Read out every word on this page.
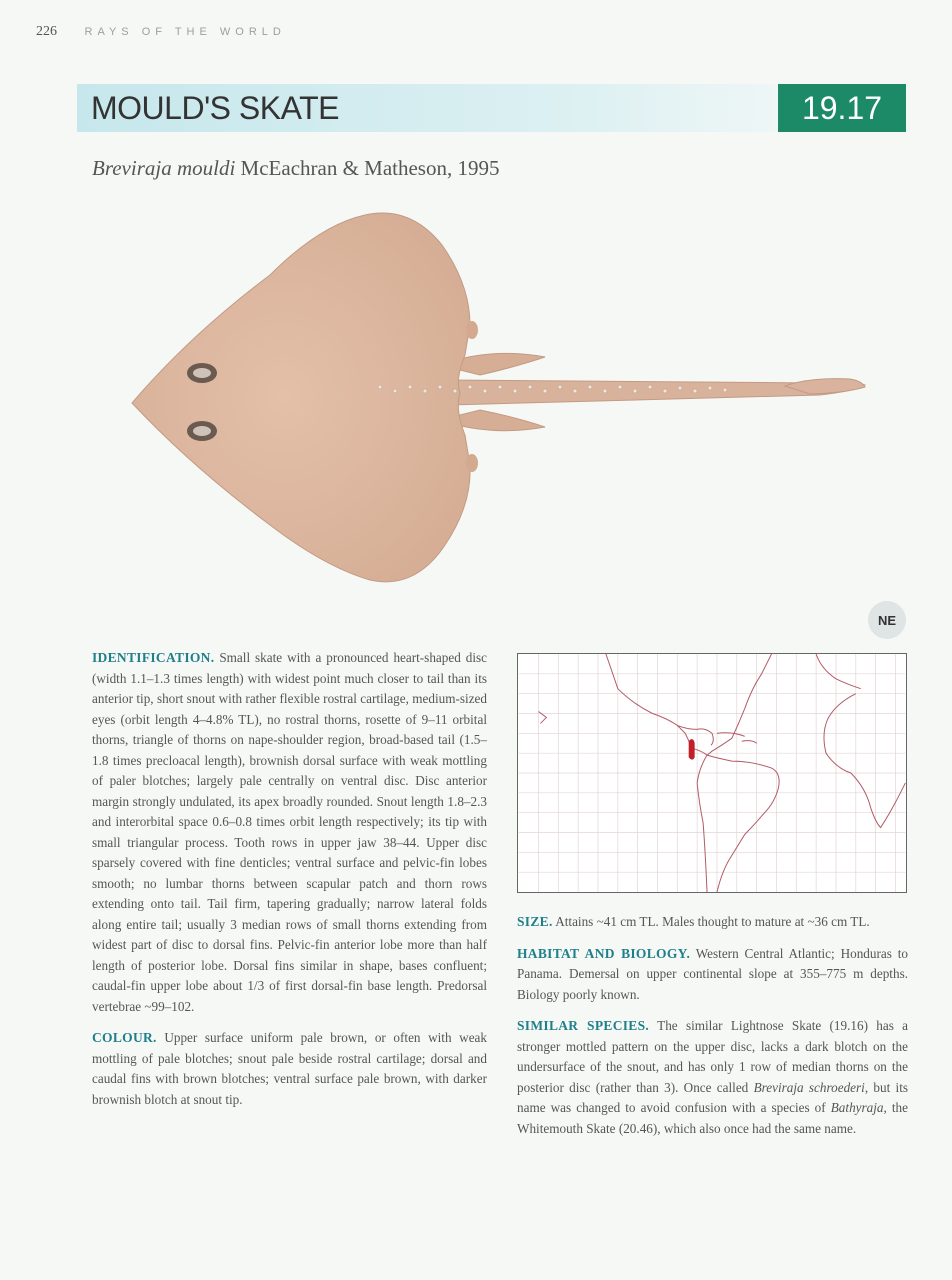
226	RAYS OF THE WORLD
MOULD'S SKATE	19.17
Breviraja mouldi McEachran & Matheson, 1995
NE

IDENTIFICATION. Small skate with a pronounced heart-shaped disc (width 1.1–1.3 times length) with widest point much closer to tail than its anterior tip, short snout with rather flexible rostral cartilage, medium-sized eyes (orbit length 4–4.8% TL), no rostral thorns, rosette of 9–11 orbital thorns, triangle of thorns on nape-shoulder region, broad-based tail (1.5–1.8 times precloacal length), brownish dorsal surface with weak mottling of paler blotches; largely pale centrally on ventral disc. Disc anterior margin strongly undulated, its apex broadly rounded. Snout length 1.8–2.3 and interorbital space 0.6–0.8 times orbit length respectively; its tip with small triangular process. Tooth rows in upper jaw 38–44. Upper disc sparsely covered with fine denticles; ventral surface and pelvic-fin lobes smooth; no lumbar thorns between scapular patch and thorn rows extending onto tail. Tail firm, tapering gradually; narrow lateral folds along entire tail; usually 3 median rows of small thorns extending from widest part of disc to dorsal fins. Pelvic-fin anterior lobe more than half length of posterior lobe. Dorsal fins similar in shape, bases confluent; caudal-fin upper lobe about 1/3 of first dorsal-fin base length. Predorsal vertebrae ~99–102.

COLOUR. Upper surface uniform pale brown, or often with weak mottling of pale blotches; snout pale beside rostral cartilage; dorsal and caudal fins with brown blotches; ventral surface pale brown, with darker brownish blotch at snout tip.

SIZE. Attains ~41 cm TL. Males thought to mature at ~36 cm TL.

HABITAT AND BIOLOGY. Western Central Atlantic; Honduras to Panama. Demersal on upper continental slope at 355–775 m depths. Biology poorly known.

SIMILAR SPECIES. The similar Lightnose Skate (19.16) has a stronger mottled pattern on the upper disc, lacks a dark blotch on the undersurface of the snout, and has only 1 row of median thorns on the posterior disc (rather than 3). Once called Breviraja schroederi, but its name was changed to avoid confusion with a species of Bathyraja, the Whitemouth Skate (20.46), which also once had the same name.
